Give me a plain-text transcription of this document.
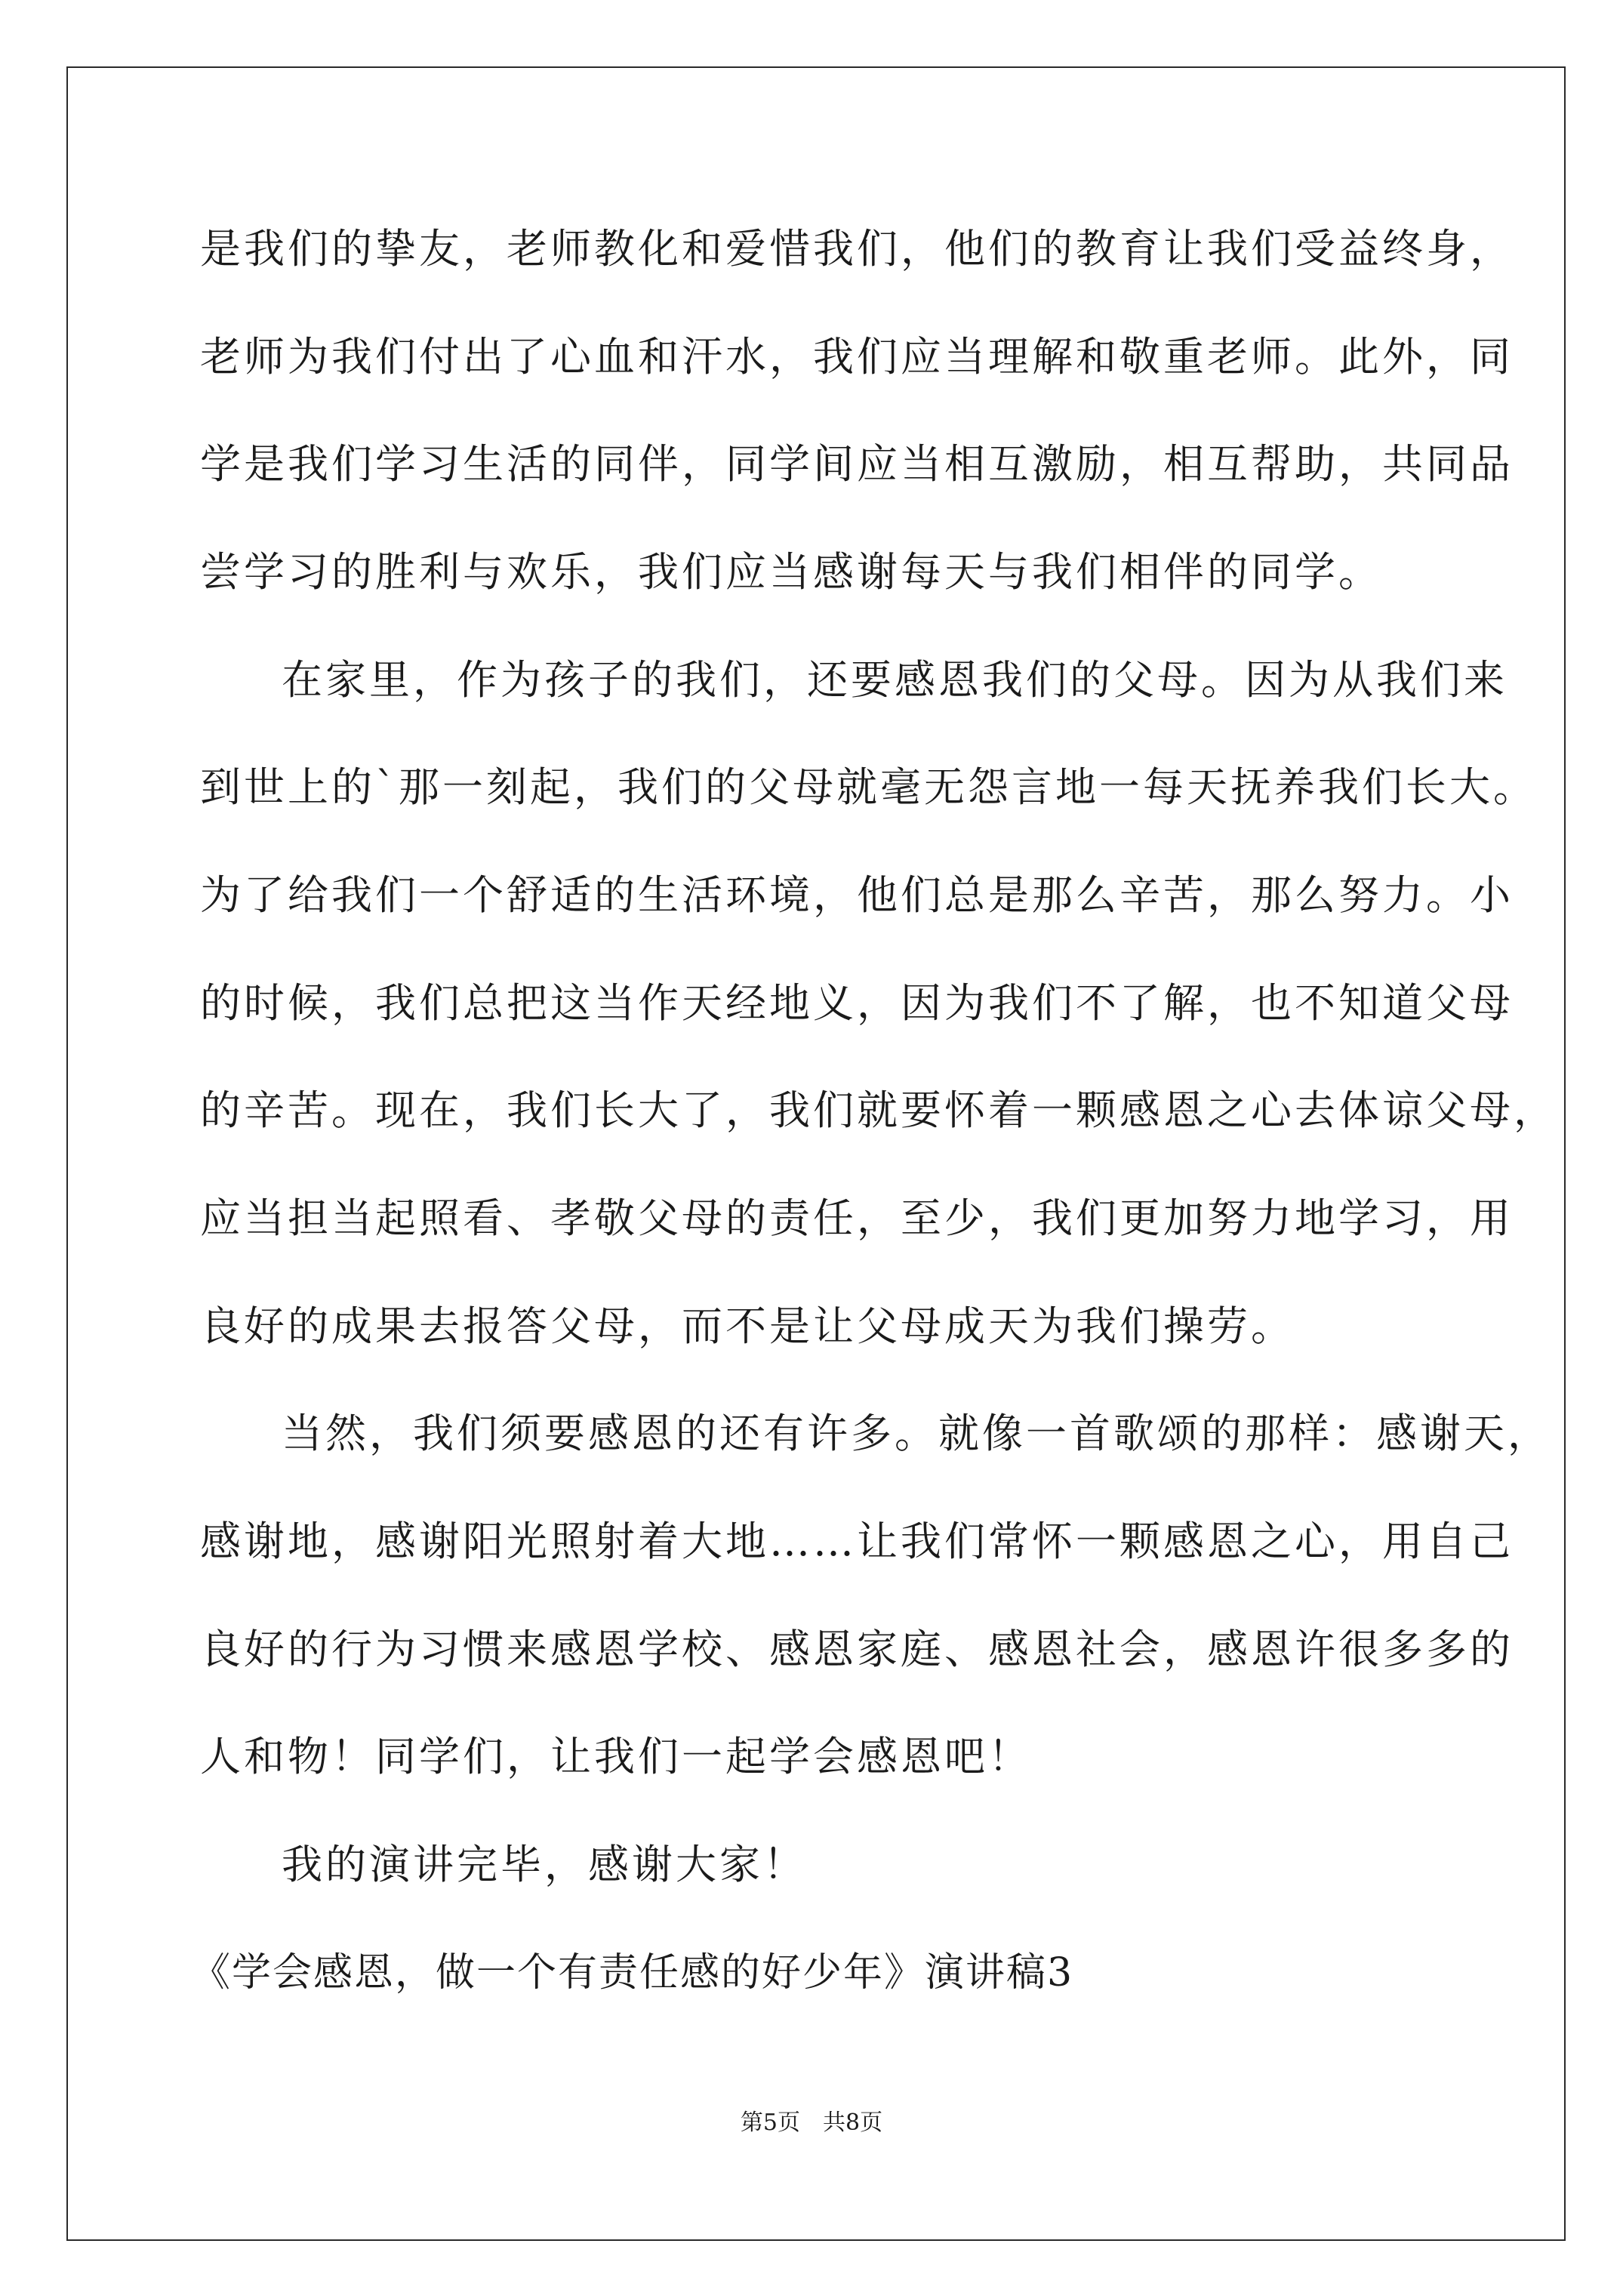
是我们的挚友，老师教化和爱惜我们，他们的教育让我们受益终身，
老师为我们付出了心血和汗水，我们应当理解和敬重老师。此外，同
学是我们学习生活的同伴，同学间应当相互激励，相互帮助，共同品
尝学习的胜利与欢乐，我们应当感谢每天与我们相伴的同学。
在家里，作为孩子的我们，还要感恩我们的父母。因为从我们来
到世上的`那一刻起，我们的父母就毫无怨言地一每天抚养我们长大。
为了给我们一个舒适的生活环境，他们总是那么辛苦，那么努力。小
的时候，我们总把这当作天经地义，因为我们不了解，也不知道父母
的辛苦。现在，我们长大了，我们就要怀着一颗感恩之心去体谅父母，
应当担当起照看、孝敬父母的责任，至少，我们更加努力地学习，用
良好的成果去报答父母，而不是让父母成天为我们操劳。
当然，我们须要感恩的还有许多。就像一首歌颂的那样：感谢天，
感谢地，感谢阳光照射着大地……让我们常怀一颗感恩之心，用自己
良好的行为习惯来感恩学校、感恩家庭、感恩社会，感恩许很多多的
人和物！同学们，让我们一起学会感恩吧！
我的演讲完毕，感谢大家！
《学会感恩，做一个有责任感的好少年》演讲稿3
第5页　共8页
